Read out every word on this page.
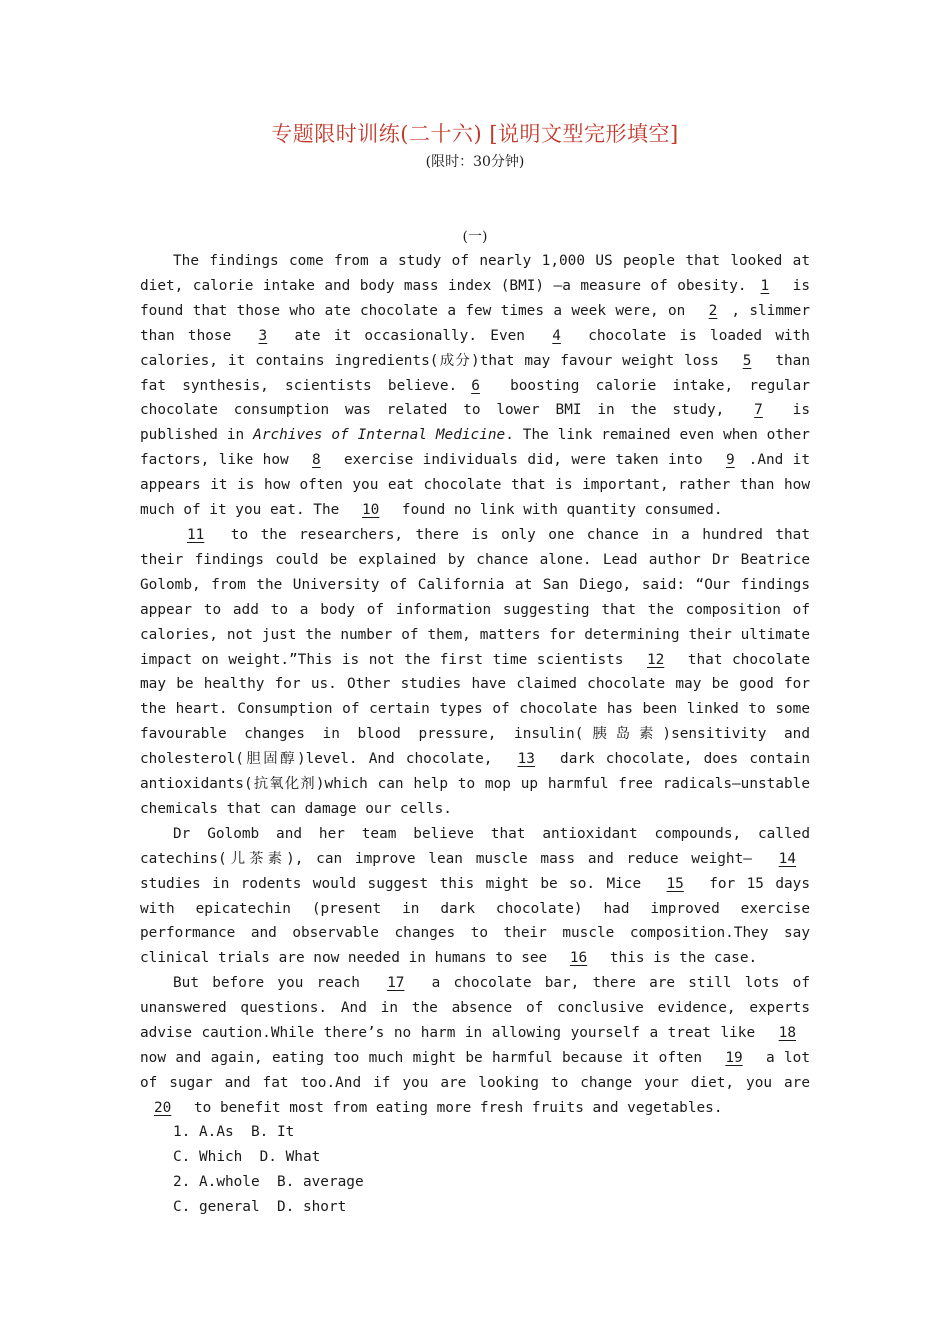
专题限时训练(二十六) [说明文型完形填空]
(限时：30分钟)
(一)

The findings come from a study of nearly 1,000 US people that looked at diet, calorie intake and body mass index (BMI) —a measure of obesity. 1 is found that those who ate chocolate a few times a week were, on 2 , slimmer than those 3 ate it occasionally. Even 4 chocolate is loaded with calories, it contains ingredients(成分)that may favour weight loss 5 than fat synthesis, scientists believe. 6 boosting calorie intake, regular chocolate consumption was related to lower BMI in the study, 7 is published in Archives of Internal Medicine. The link remained even when other factors, like how 8 exercise individuals did, were taken into 9 .And it appears it is how often you eat chocolate that is important, rather than how much of it you eat. The 10 found no link with quantity consumed.

11 to the researchers, there is only one chance in a hundred that their findings could be explained by chance alone. Lead author Dr Beatrice Golomb, from the University of California at San Diego, said: “Our findings appear to add to a body of information suggesting that the composition of calories, not just the number of them, matters for determining their ultimate impact on weight.”This is not the first time scientists 12 that chocolate may be healthy for us. Other studies have claimed chocolate may be good for the heart. Consumption of certain types of chocolate has been linked to some favourable changes in blood pressure, insulin(胰岛素)sensitivity and cholesterol(胆固醇)level. And chocolate, 13 dark chocolate, does contain antioxidants(抗氧化剂)which can help to mop up harmful free radicals—unstable chemicals that can damage our cells.

Dr Golomb and her team believe that antioxidant compounds, called catechins(儿茶素), can improve lean muscle mass and reduce weight— 14 studies in rodents would suggest this might be so. Mice 15 for 15 days with epicatechin (present in dark chocolate) had improved exercise performance and observable changes to their muscle composition.They say clinical trials are now needed in humans to see 16 this is the case.

But before you reach 17 a chocolate bar, there are still lots of unanswered questions. And in the absence of conclusive evidence, experts advise caution.While there’s no harm in allowing yourself a treat like 18 now and again, eating too much might be harmful because it often 19 a lot of sugar and fat too.And if you are looking to change your diet, you are 20 to benefit most from eating more fresh fruits and vegetables.

1. A.As  B. It
C. Which  D. What
2. A.whole  B. average
C. general  D. short
